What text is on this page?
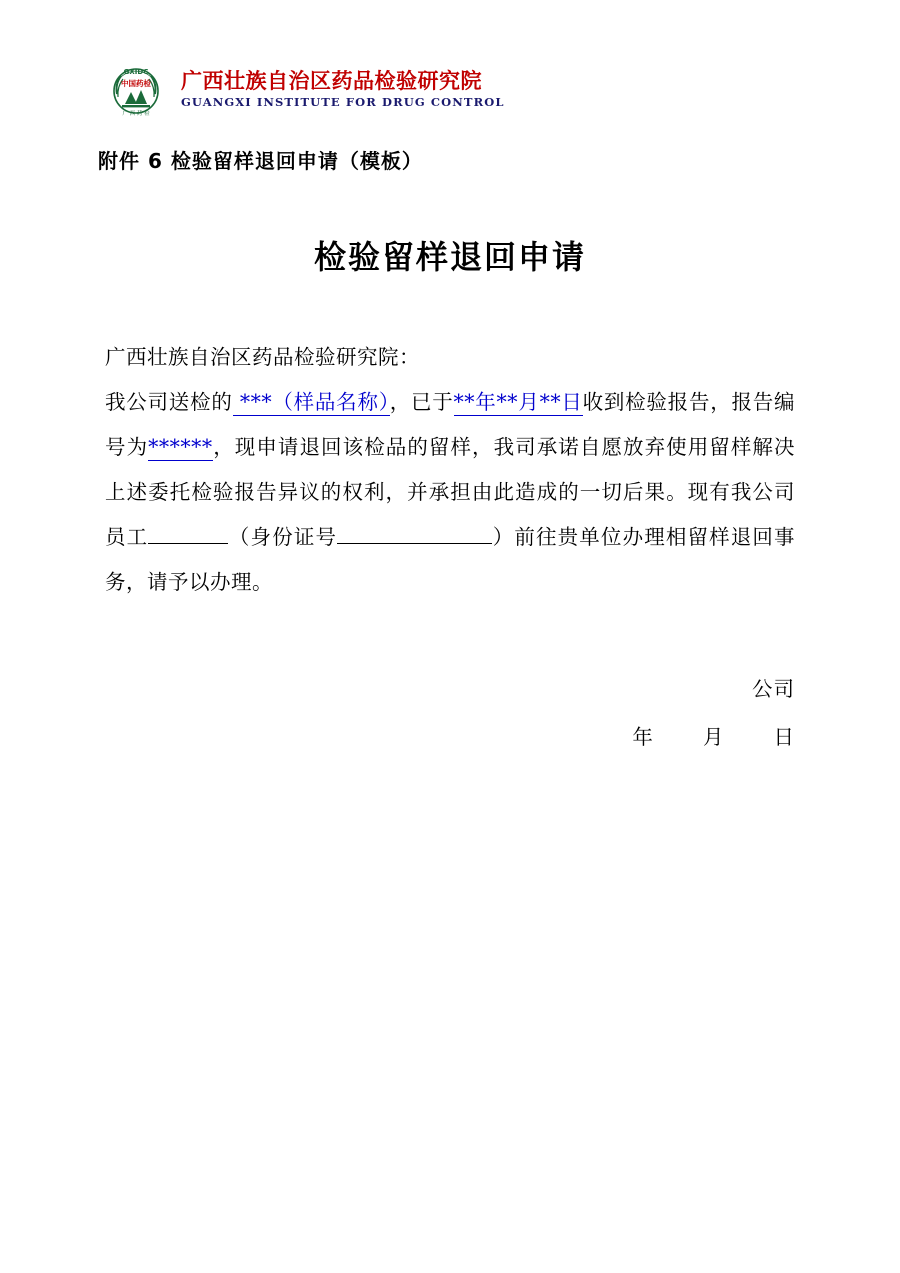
GXIDC
中国药检
广 西 药 检
广西壮族自治区药品检验研究院
GUANGXI INSTITUTE FOR DRUG CONTROL
附件 6 检验留样退回申请（模板）
检验留样退回申请

广西壮族自治区药品检验研究院：

我公司送检的 ***（样品名称），已于**年**月**日收到检验报告，报告编号为******，现申请退回该检品的留样，我司承诺自愿放弃使用留样解决上述委托检验报告异议的权利，并承担由此造成的一切后果。现有我公司员工	（身份证号	）前往贵单位办理相留样退回事务，请予以办理。

公司
年 月 日
